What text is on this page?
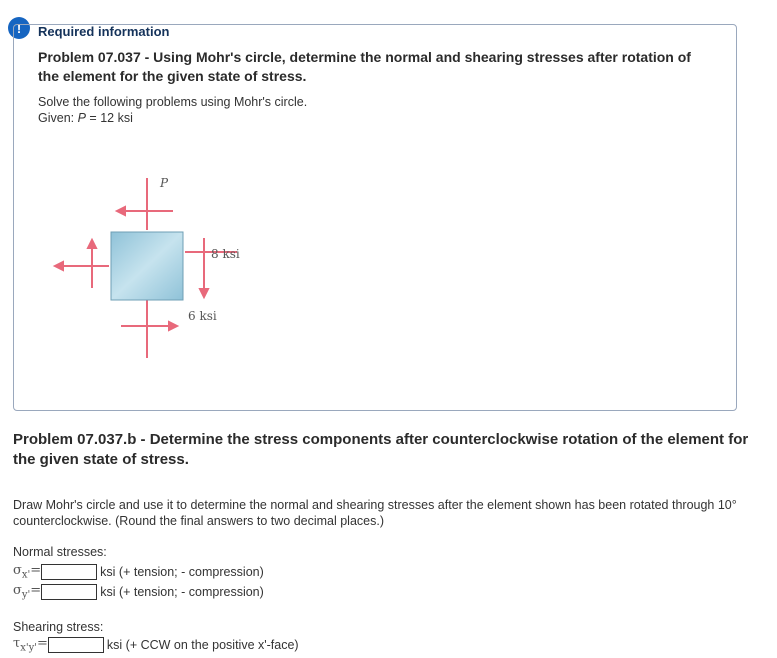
! Required information
Problem 07.037 - Using Mohr's circle, determine the normal and shearing stresses after rotation of the element for the given state of stress.
Solve the following problems using Mohr's circle.
Given: P = 12 ksi
P
8 ksi
6 ksi
Problem 07.037.b - Determine the stress components after counterclockwise rotation of the element for the given state of stress.
Draw Mohr's circle and use it to determine the normal and shearing stresses after the element shown has been rotated through 10° counterclockwise. (Round the final answers to two decimal places.)
Normal stresses:
$\sigma_{x'}=$	ksi (+ tension; - compression)
$\sigma_{y'}=$	ksi (+ tension; - compression)
Shearing stress:
$\tau_{x'y'}=$	ksi (+ CCW on the positive x'-face)
